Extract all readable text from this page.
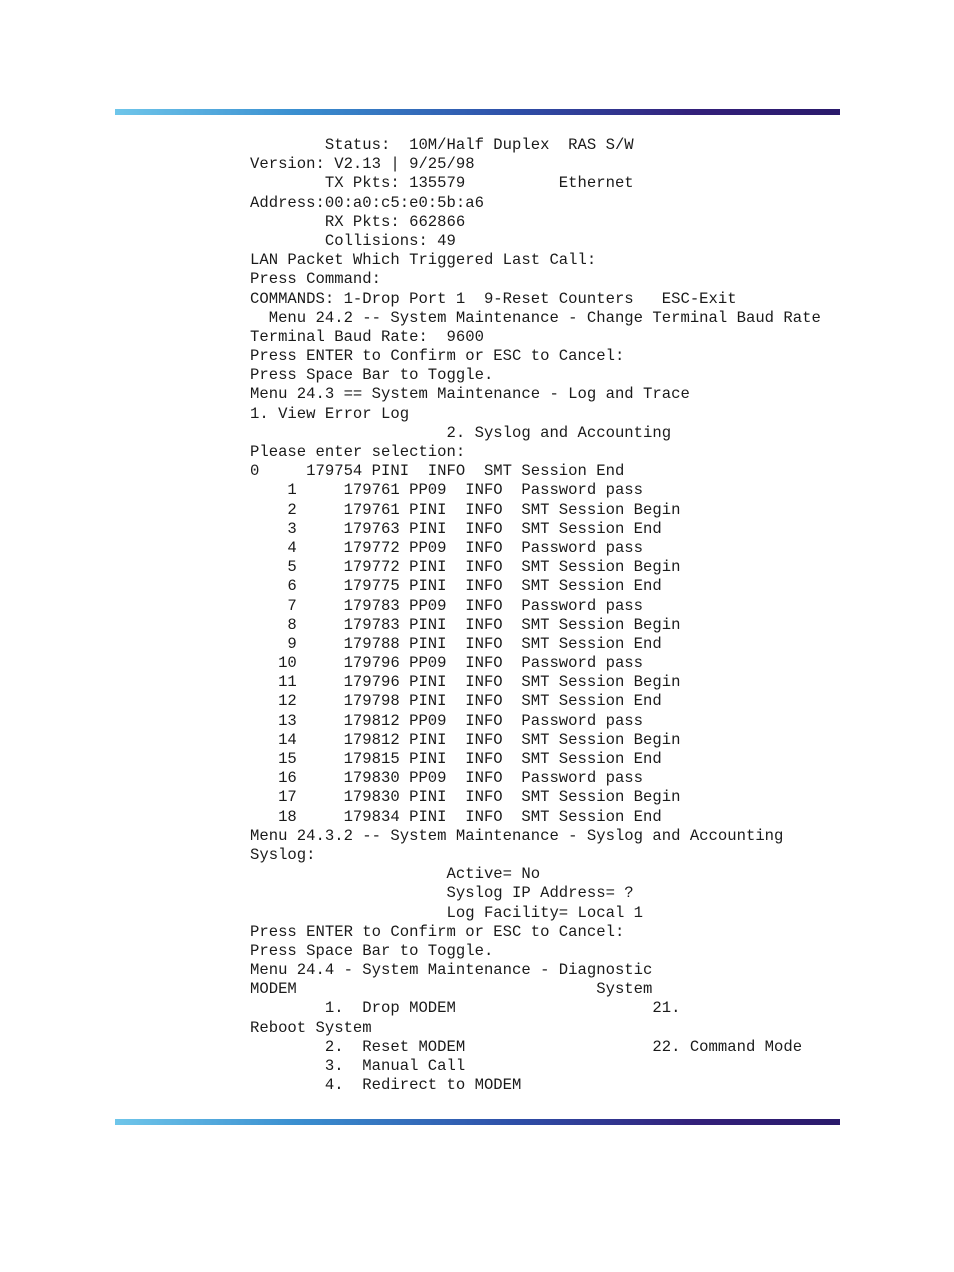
Status:  10M/Half Duplex  RAS S/W
Version: V2.13 | 9/25/98
TX Pkts: 135579          Ethernet
Address:00:a0:c5:e0:5b:a6
RX Pkts: 662866
Collisions: 49
LAN Packet Which Triggered Last Call:
Press Command:
COMMANDS: 1-Drop Port 1  9-Reset Counters   ESC-Exit
Menu 24.2 -- System Maintenance - Change Terminal Baud Rate
Terminal Baud Rate:  9600
Press ENTER to Confirm or ESC to Cancel:
Press Space Bar to Toggle.
Menu 24.3 == System Maintenance - Log and Trace
1. View Error Log
2. Syslog and Accounting
Please enter selection:
0     179754 PINI  INFO  SMT Session End
1     179761 PP09  INFO  Password pass
2     179761 PINI  INFO  SMT Session Begin
3     179763 PINI  INFO  SMT Session End
4     179772 PP09  INFO  Password pass
5     179772 PINI  INFO  SMT Session Begin
6     179775 PINI  INFO  SMT Session End
7     179783 PP09  INFO  Password pass
8     179783 PINI  INFO  SMT Session Begin
9     179788 PINI  INFO  SMT Session End
10     179796 PP09  INFO  Password pass
11     179796 PINI  INFO  SMT Session Begin
12     179798 PINI  INFO  SMT Session End
13     179812 PP09  INFO  Password pass
14     179812 PINI  INFO  SMT Session Begin
15     179815 PINI  INFO  SMT Session End
16     179830 PP09  INFO  Password pass
17     179830 PINI  INFO  SMT Session Begin
18     179834 PINI  INFO  SMT Session End
Menu 24.3.2 -- System Maintenance - Syslog and Accounting
Syslog:
Active= No
Syslog IP Address= ?
Log Facility= Local 1
Press ENTER to Confirm or ESC to Cancel:
Press Space Bar to Toggle.
Menu 24.4 - System Maintenance - Diagnostic
MODEM                                System
1.  Drop MODEM                     21.
Reboot System
2.  Reset MODEM                    22. Command Mode
3.  Manual Call
4.  Redirect to MODEM
